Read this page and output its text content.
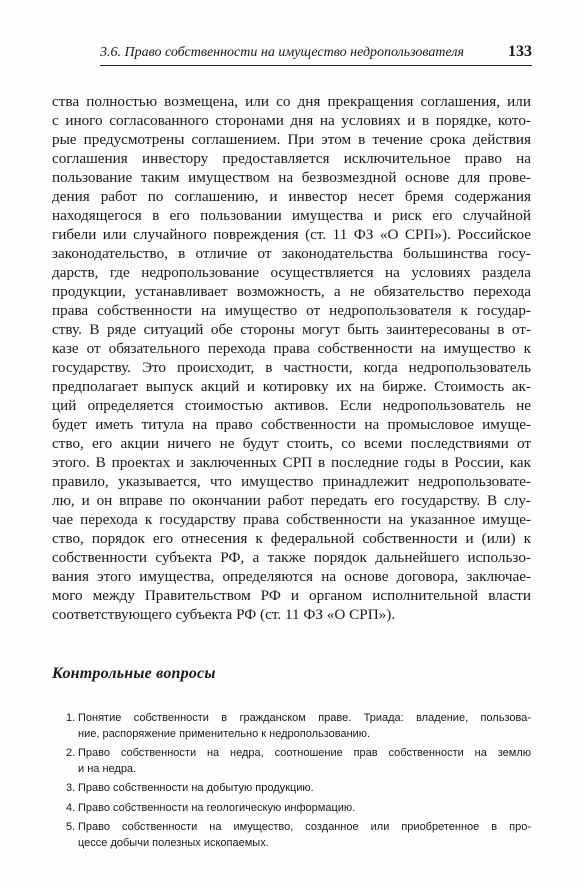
3.6. Право собственности на имущество недропользователя	133
ства полностью возмещена, или со дня прекращения соглашения, или
с иного согласованного сторонами дня на условиях и в порядке, кото-
рые предусмотрены соглашением. При этом в течение срока действия
соглашения инвестору предоставляется исключительное право на
пользование таким имуществом на безвозмездной основе для прове-
дения работ по соглашению, и инвестор несет бремя содержания
находящегося в его пользовании имущества и риск его случайной
гибели или случайного повреждения (ст. 11 ФЗ «О СРП»). Российское
законодательство, в отличие от законодательства большинства госу-
дарств, где недропользование осуществляется на условиях раздела
продукции, устанавливает возможность, а не обязательство перехода
права собственности на имущество от недропользователя к государ-
ству. В ряде ситуаций обе стороны могут быть заинтересованы в от-
казе от обязательного перехода права собственности на имущество к
государству. Это происходит, в частности, когда недропользователь
предполагает выпуск акций и котировку их на бирже. Стоимость ак-
ций определяется стоимостью активов. Если недропользователь не
будет иметь титула на право собственности на промысловое имуще-
ство, его акции ничего не будут стоить, со всеми последствиями от
этого. В проектах и заключенных СРП в последние годы в России, как
правило, указывается, что имущество принадлежит недропользовате-
лю, и он вправе по окончании работ передать его государству. В слу-
чае перехода к государству права собственности на указанное имуще-
ство, порядок его отнесения к федеральной собственности и (или) к
собственности субъекта РФ, а также порядок дальнейшего использо-
вания этого имущества, определяются на основе договора, заключае-
мого между Правительством РФ и органом исполнительной власти
соответствующего субъекта РФ (ст. 11 ФЗ «О СРП»).
Контрольные вопросы
1. Понятие собственности в гражданском праве. Триада: владение, пользова-
ние, распоряжение применительно к недропользованию.
2. Право собственности на недра, соотношение прав собственности на землю
и на недра.
3. Право собственности на добытую продукцию.
4. Право собственности на геологическую информацию.
5. Право собственности на имущество, созданное или приобретенное в про-
цессе добычи полезных ископаемых.
